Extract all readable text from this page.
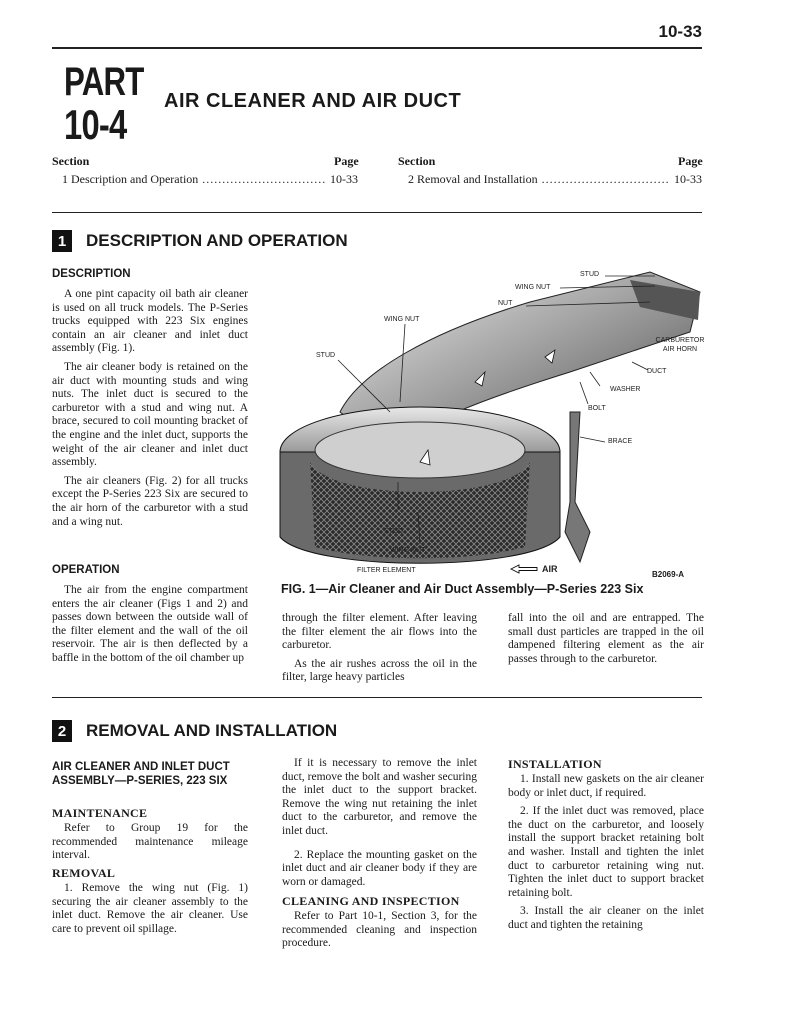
10-33
PART
10-4	AIR CLEANER AND AIR DUCT
Section	Page	Section	Page
1 Description and Operation . . .	10-33	2 Removal and Installation . . .	10-33
1	DESCRIPTION AND OPERATION
DESCRIPTION

A one pint capacity oil bath air cleaner is used on all truck models. The P-Series trucks equipped with 223 Six engines contain an air cleaner and inlet duct assembly (Fig. 1).

The air cleaner body is retained on the air duct with mounting studs and wing nuts. The inlet duct is secured to the carburetor with a stud and wing nut. A brace, secured to coil mounting bracket of the engine and the inlet duct, supports the weight of the air cleaner and inlet duct assembly.

The air cleaners (Fig. 2) for all trucks except the P-Series 223 Six are secured to the air horn of the carburetor with a stud and a wing nut.

OPERATION

The air from the engine compartment enters the air cleaner (Figs 1 and 2) and passes down between the outside wall of the filter element and the wall of the oil reservoir. The air is then deflected by a baffle in the bottom of the oil chamber up

STUD
WING NUT
NUT
CARBURETOR AIR HORN
DUCT
WASHER
BOLT
BRACE
WING NUT
STUD
STUD
WING NUT
FILTER ELEMENT	AIR
B2069-A
FIG. 1—Air Cleaner and Air Duct Assembly—P-Series 223 Six

through the filter element. After leaving the filter element the air flows into the carburetor.

As the air rushes across the oil in the filter, large heavy particles

fall into the oil and are entrapped. The small dust particles are trapped in the oil dampened filtering element as the air passes through to the carburetor.

2	REMOVAL AND INSTALLATION
AIR CLEANER AND INLET DUCT ASSEMBLY—P-SERIES, 223 SIX
MAINTENANCE

Refer to Group 19 for the recommended maintenance mileage interval.

REMOVAL

1. Remove the wing nut (Fig. 1) securing the air cleaner assembly to the inlet duct. Remove the air cleaner. Use care to prevent oil spillage.

If it is necessary to remove the inlet duct, remove the bolt and washer securing the inlet duct to the support bracket. Remove the wing nut retaining the inlet duct to the carburetor, and remove the inlet duct.

2. Replace the mounting gasket on the inlet duct and air cleaner body if they are worn or damaged.

CLEANING AND INSPECTION

Refer to Part 10-1, Section 3, for the recommended cleaning and inspection procedure.

INSTALLATION

1. Install new gaskets on the air cleaner body or inlet duct, if required.

2. If the inlet duct was removed, place the duct on the carburetor, and loosely install the support bracket retaining bolt and washer. Install and tighten the inlet duct to carburetor retaining wing nut. Tighten the inlet duct to support bracket retaining bolt.

3. Install the air cleaner on the inlet duct and tighten the retaining
